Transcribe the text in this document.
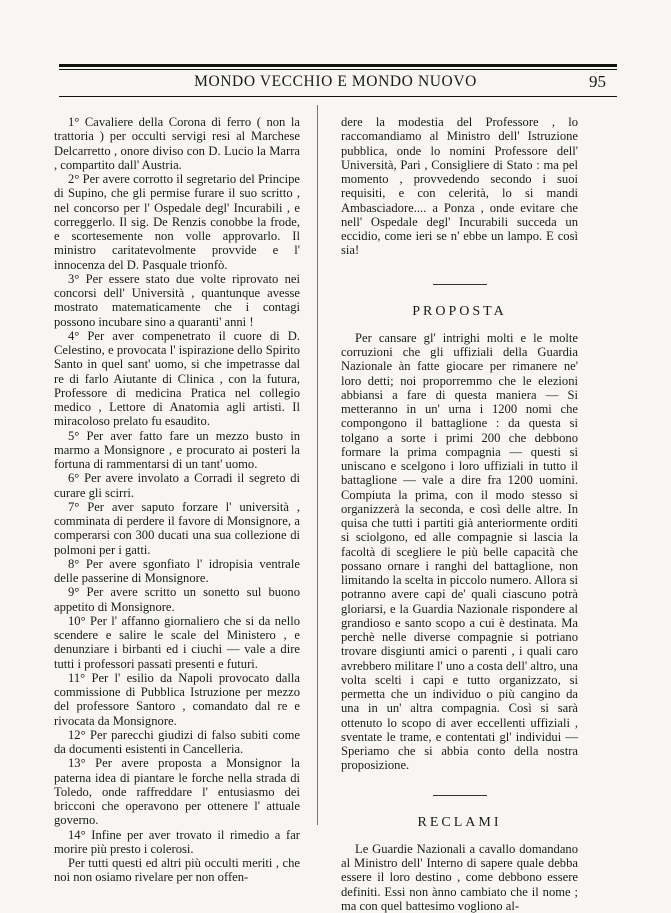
MONDO VECCHIO E MONDO NUOVO	95

1° Cavaliere della Corona di ferro ( non la trattoria ) per occulti servigi resi al Marchese Delcarretto , onore diviso con D. Lucio la Marra , compartito dall' Austria.

2° Per avere corrotto il segretario del Principe di Supino, che gli permise furare il suo scritto , nel concorso per l' Ospedale degl' Incurabili , e correggerlo. Il sig. De Renzis conobbe la frode, e scortesemente non volle approvarlo. Il ministro caritatevolmente provvide e l' innocenza del D. Pasquale trionfò.

3° Per essere stato due volte riprovato nei concorsi dell' Università , quantunque avesse mostrato matematicamente che i contagi possono incubare sino a quaranti' anni !

4° Per aver compenetrato il cuore di D. Celestino, e provocata l' ispirazione dello Spirito Santo in quel sant' uomo, si che impetrasse dal re di farlo Aiutante di Clinica , con la futura, Professore di medicina Pratica nel collegio medico , Lettore di Anatomia agli artisti. Il miracoloso prelato fu esaudito.

5° Per aver fatto fare un mezzo busto in marmo a Monsignore , e procurato ai posteri la fortuna di rammentarsi di un tant' uomo.

6° Per avere involato a Corradi il segreto di curare gli scirri.

7° Per aver saputo forzare l' università , comminata di perdere il favore di Monsignore, a comperarsi con 300 ducati una sua collezione di polmoni per i gatti.

8° Per avere sgonfiato l' idropisia ventrale delle passerine di Monsignore.

9° Per avere scritto un sonetto sul buono appetito di Monsignore.

10° Per l' affanno giornaliero che si da nello scendere e salire le scale del Ministero , e denunziare i birbanti ed i ciuchi — vale a dire tutti i professori passati presenti e futuri.

11° Per l' esilio da Napoli provocato dalla commissione di Pubblica Istruzione per mezzo del professore Santoro , comandato dal re e rivocata da Monsignore.

12° Per parecchi giudizi di falso subiti come da documenti esistenti in Cancelleria.

13° Per avere proposta a Monsignor la paterna idea di piantare le forche nella strada di Toledo, onde raffreddare l' entusiasmo dei bricconi che operavono per ottenere l' attuale governo.

14° Infine per aver trovato il rimedio a far morire più presto i colerosi.

Per tutti questi ed altri più occulti meriti , che noi non osiamo rivelare per non offen-

dere la modestia del Professore , lo raccomandiamo al Ministro dell' Istruzione pubblica, onde lo nomini Professore dell' Università, Pari , Consigliere di Stato : ma pel momento , provvedendo secondo i suoi requisiti, e con celerità, lo si mandi Ambasciadore.... a Ponza , onde evitare che nell' Ospedale degl' Incurabili succeda un eccidio, come ieri se n' ebbe un lampo. E così sia!

PROPOSTA

Per cansare gl' intrighi molti e le molte corruzioni che gli uffiziali della Guardia Nazionale àn fatte giocare per rimanere ne' loro detti; noi proporremmo che le elezioni abbiansi a fare di questa maniera — Si metteranno in un' urna i 1200 nomi che compongono il battaglione : da questa si tolgano a sorte i primi 200 che debbono formare la prima compagnia — questi si uniscano e scelgono i loro uffiziali in tutto il battaglione — vale a dire fra 1200 uomini. Compiuta la prima, con il modo stesso si organizzerà la seconda, e così delle altre. In quisa che tutti i partiti già anteriormente orditi si sciolgono, ed alle compagnie si lascia la facoltà di scegliere le più belle capacità che possano ornare i ranghi del battaglione, non limitando la scelta in piccolo numero. Allora si potranno avere capi de' quali ciascuno potrà gloriarsi, e la Guardia Nazionale rispondere al grandioso e santo scopo a cui è destinata. Ma perchè nelle diverse compagnie si potriano trovare disgiunti amici o parenti , i quali caro avrebbero militare l' uno a costa dell' altro, una volta scelti i capi e tutto organizzato, si permetta che un individuo o più cangino da una in un' altra compagnia. Così si sarà ottenuto lo scopo di aver eccellenti uffiziali , sventate le trame, e contentati gl' individui — Speriamo che si abbia conto della nostra proposizione.

RECLAMI

Le Guardie Nazionali a cavallo domandano al Ministro dell' Interno di sapere quale debba essere il loro destino , come debbono essere definiti. Essi non ànno cambiato che il nome ; ma con quel battesimo vogliono al-
